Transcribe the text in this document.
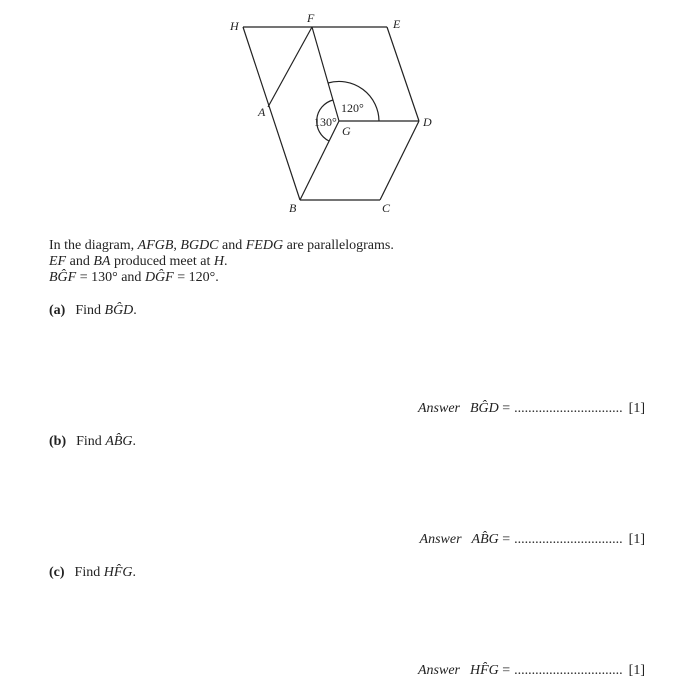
H
F	E
A
D
G
B	C
120°
130°
In the diagram, AFGB, BGDC and FEDG are parallelograms.
EF and BA produced meet at H.
BĜF = 130° and DĜF = 120°.
(a) Find BĜD.
Answer BĜD = ............................... [1]
(b) Find AB̂G.
Answer AB̂G = ............................... [1]
(c) Find HF̂G.
Answer HF̂G = ............................... [1]
